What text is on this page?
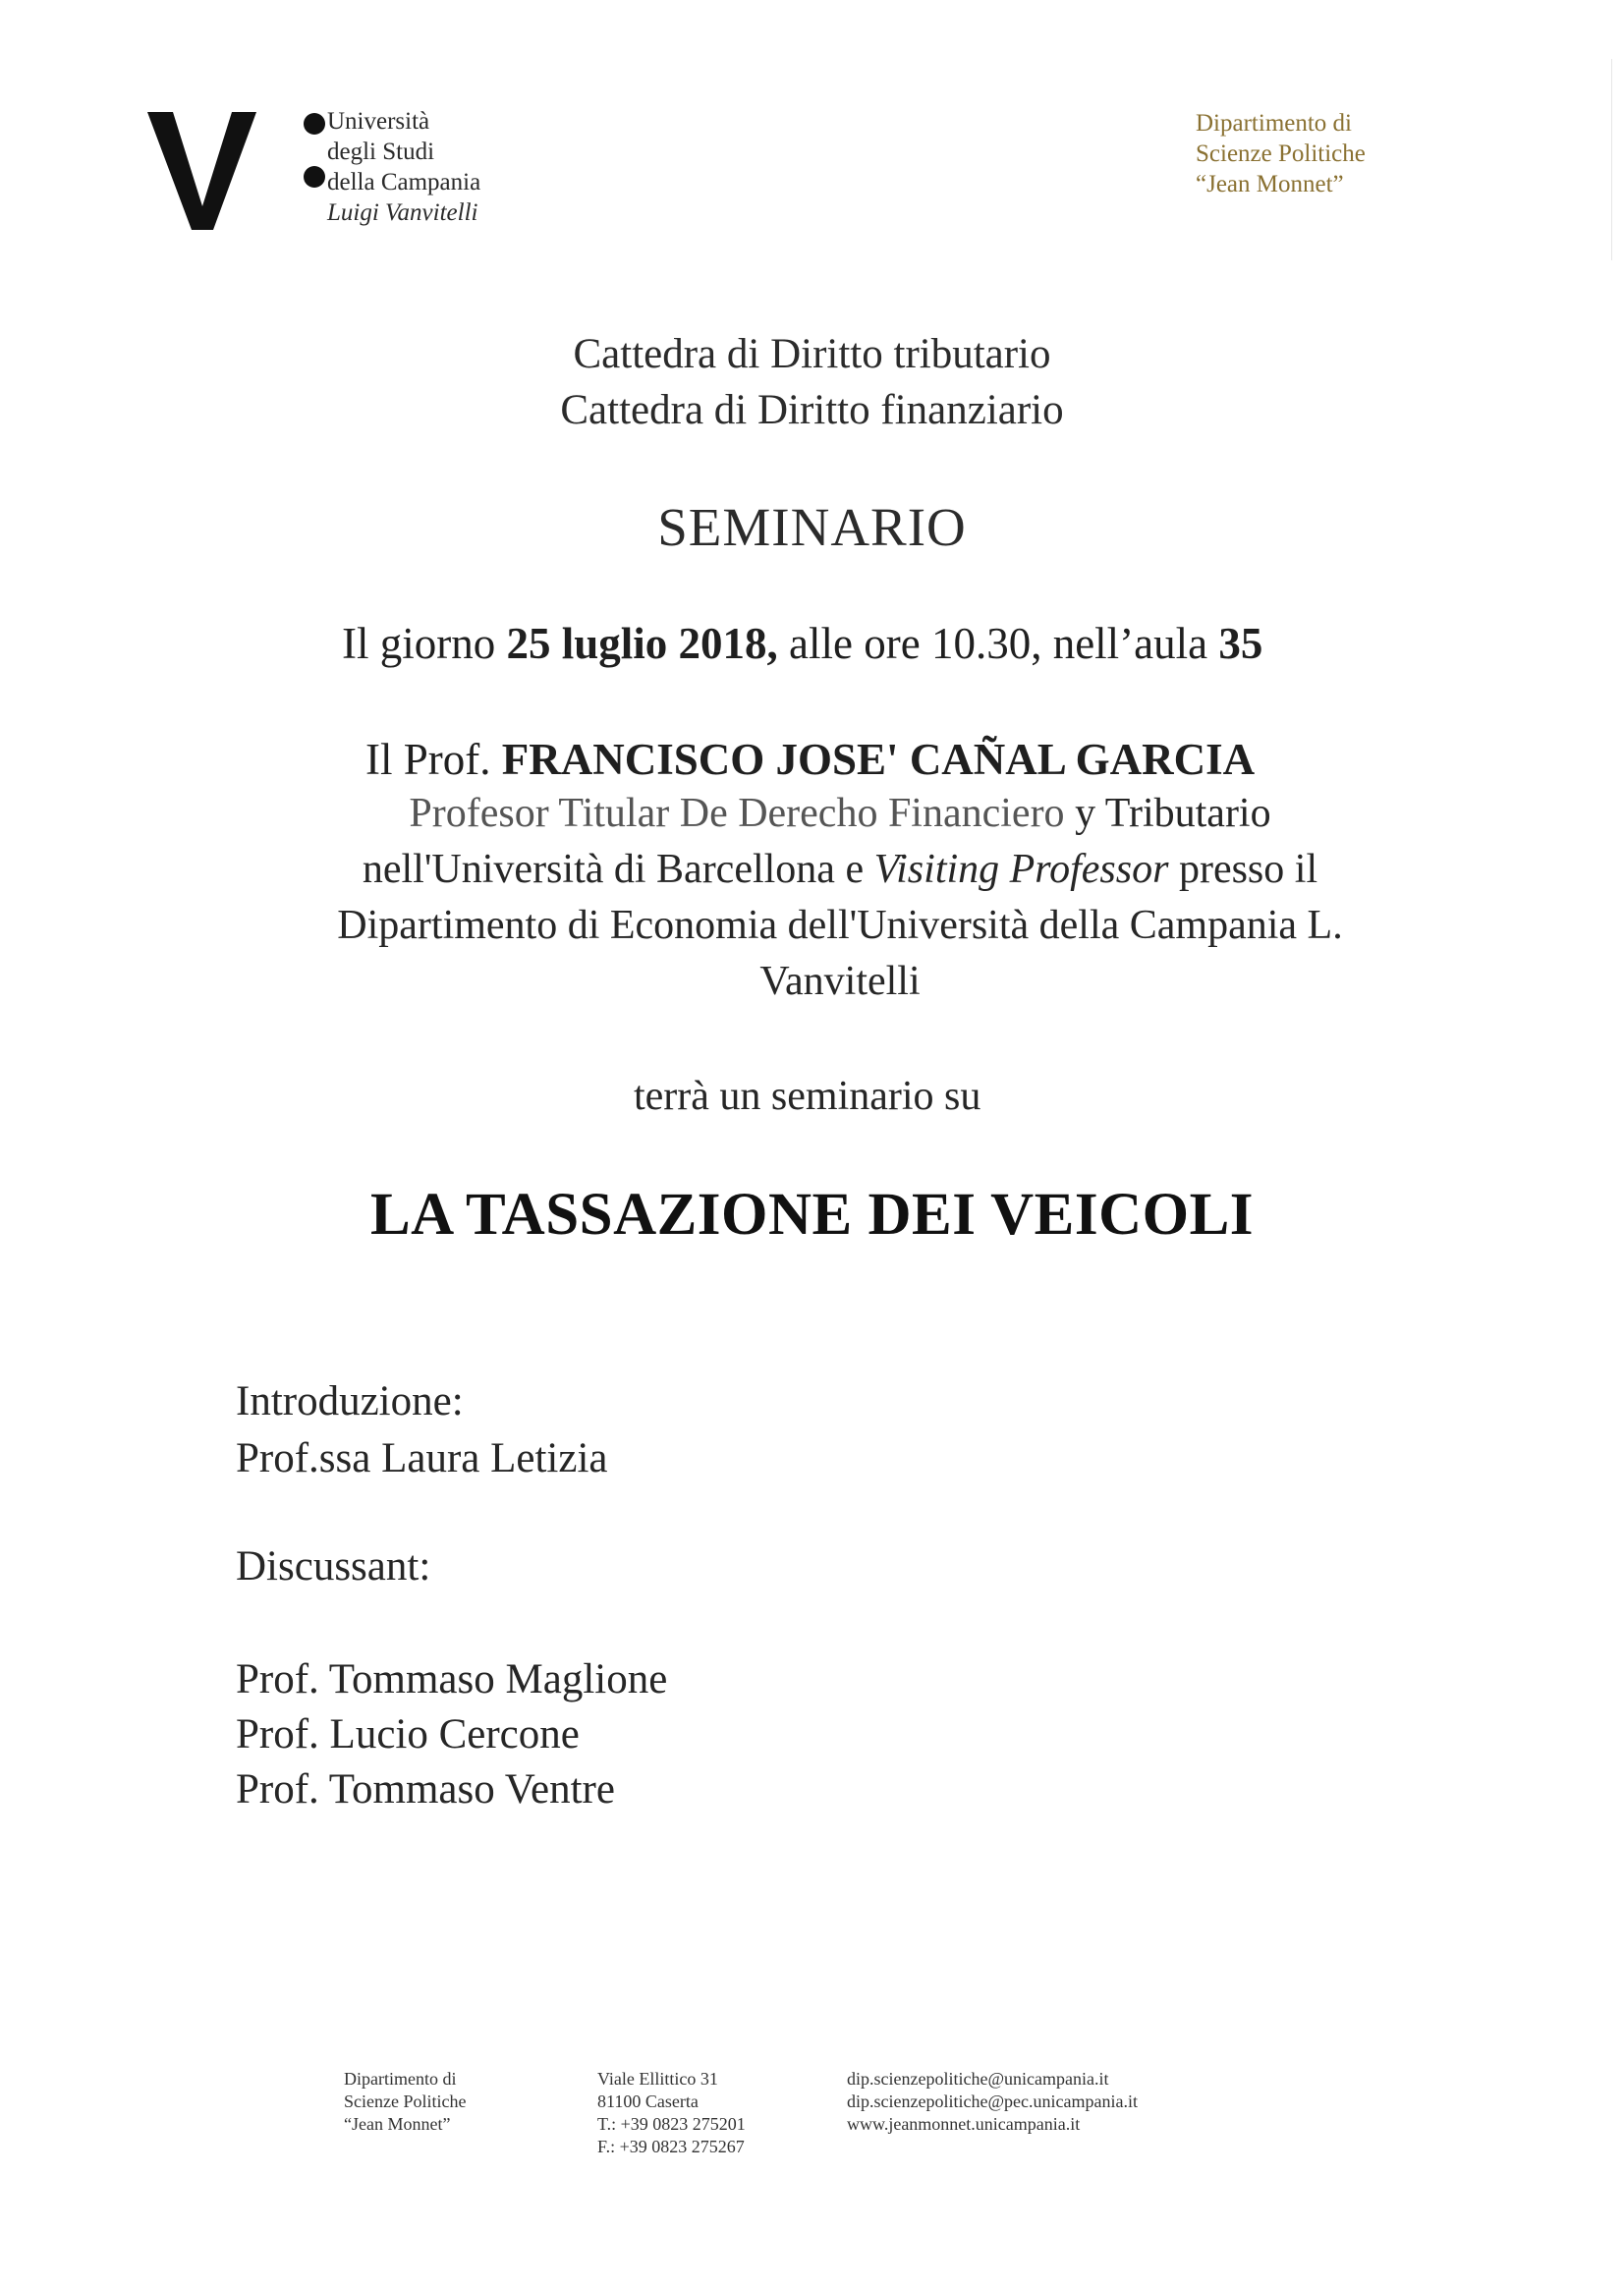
Università
degli Studi
della Campania
Luigi Vanvitelli
Dipartimento di
Scienze Politiche
“Jean Monnet”
Cattedra di Diritto tributario
Cattedra di Diritto finanziario
SEMINARIO
Il giorno 25 luglio 2018, alle ore 10.30, nell’aula 35
Il Prof. FRANCISCO JOSE' CAÑAL GARCIA
Profesor Titular De Derecho Financiero y Tributario
nell'Università di Barcellona e Visiting Professor presso il
Dipartimento di Economia dell'Università della Campania L.
Vanvitelli
terrà un seminario su
LA TASSAZIONE DEI VEICOLI
Introduzione:
Prof.ssa Laura Letizia
Discussant:
Prof. Tommaso Maglione
Prof. Lucio Cercone
Prof. Tommaso Ventre
Dipartimento di
Scienze Politiche
“Jean Monnet”
Viale Ellittico 31
81100 Caserta
T.: +39 0823 275201
F.: +39 0823 275267
dip.scienzepolitiche@unicampania.it
dip.scienzepolitiche@pec.unicampania.it
www.jeanmonnet.unicampania.it
